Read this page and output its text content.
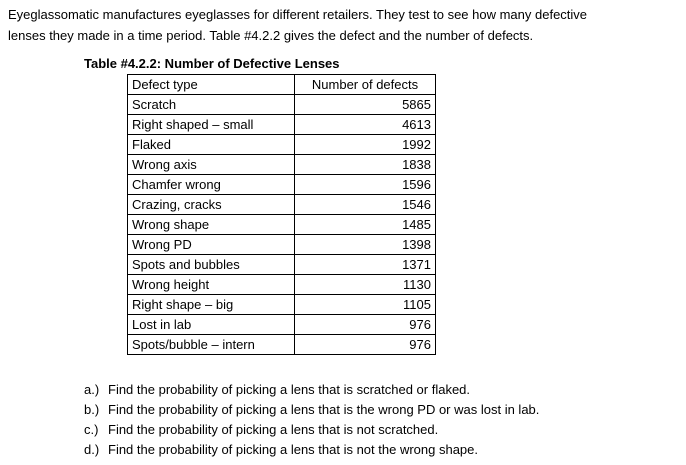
Eyeglassomatic manufactures eyeglasses for different retailers. They test to see how many defective
lenses they made in a time period. Table #4.2.2 gives the defect and the number of defects.
Table #4.2.2: Number of Defective Lenses
Defect type	Number of defects
Scratch	5865
Right shaped – small	4613
Flaked	1992
Wrong axis	1838
Chamfer wrong	1596
Crazing, cracks	1546
Wrong shape	1485
Wrong PD	1398
Spots and bubbles	1371
Wrong height	1130
Right shape – big	1105
Lost in lab	976
Spots/bubble – intern	976
a.) Find the probability of picking a lens that is scratched or flaked.
b.) Find the probability of picking a lens that is the wrong PD or was lost in lab.
c.) Find the probability of picking a lens that is not scratched.
d.) Find the probability of picking a lens that is not the wrong shape.
